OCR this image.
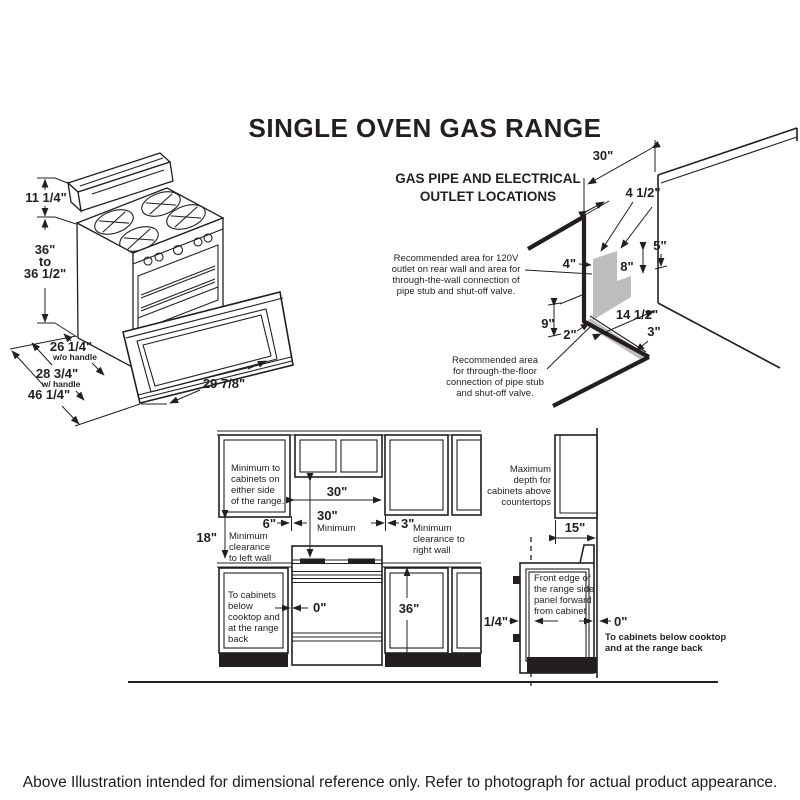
SINGLE OVEN GAS RANGE
11 1/4"
36"
to
36 1/2"
26 1/4"
w/o handle
28 3/4"
w/ handle
46 1/4"
29 7/8"
GAS PIPE AND ELECTRICAL
OUTLET LOCATIONS
30"
4 1/2"
4"	8"
5"
9"
2"
14 1/2"
3"
Recommended area for 120V
outlet on rear wall and area for
through-the-wall connection of
pipe stub and shut-off valve.
Recommended area
for through-the-floor
connection of pipe stub
and shut-off valve.
Minimum to
cabinets on
either side
of the range.
To cabinets
below
cooktop and
at the range
back
30"
30"
Minimum
6"
Minimum
clearance
to left wall
18"
3"
Minimum
clearance to
right wall
0"	36"
Maximum
depth for
cabinets above
countertops
15"
Front edge of
the range side
panel forward
from cabinet
1/4"	0"
To cabinets below cooktop
and at the range back
Above Illustration intended for dimensional reference only. Refer to photograph for actual product appearance.
